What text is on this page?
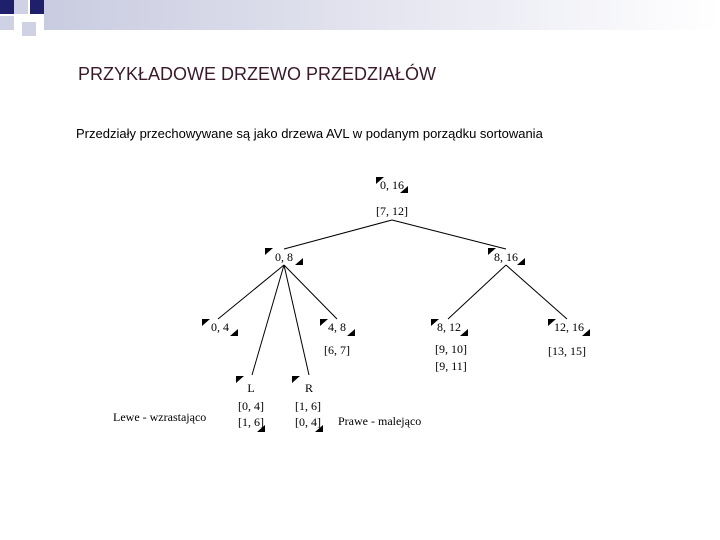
PRZYKŁADOWE DRZEWO PRZEDZIAŁÓW
Przedziały przechowywane są jako drzewa AVL w podanym porządku sortowania
0, 16
[7, 12]
0, 8	8, 16
0, 4	4, 8
[6, 7]
8, 12
[9, 10]
[9, 11]
12, 16
[13, 15]
L
[0, 4]
[1, 6]
R
[1, 6]
[0, 4]
Lewe - wzrastająco	Prawe - malejąco
